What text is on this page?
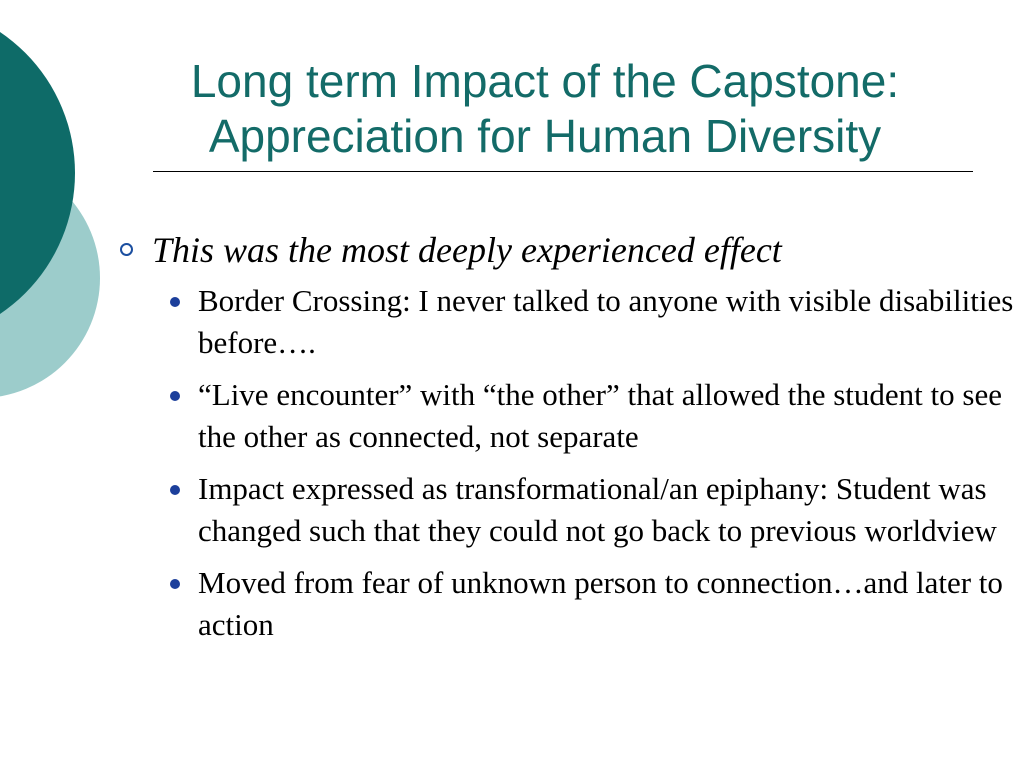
Long term Impact of the Capstone:
Appreciation for Human Diversity

This was the most deeply experienced effect

Border Crossing: I never talked to anyone with visible disabilities before….
“Live encounter” with “the other” that allowed the student to see the other as connected, not separate
Impact expressed as transformational/an epiphany: Student was changed such that they could not go back to previous worldview
Moved from fear of unknown person to connection…and later to action
